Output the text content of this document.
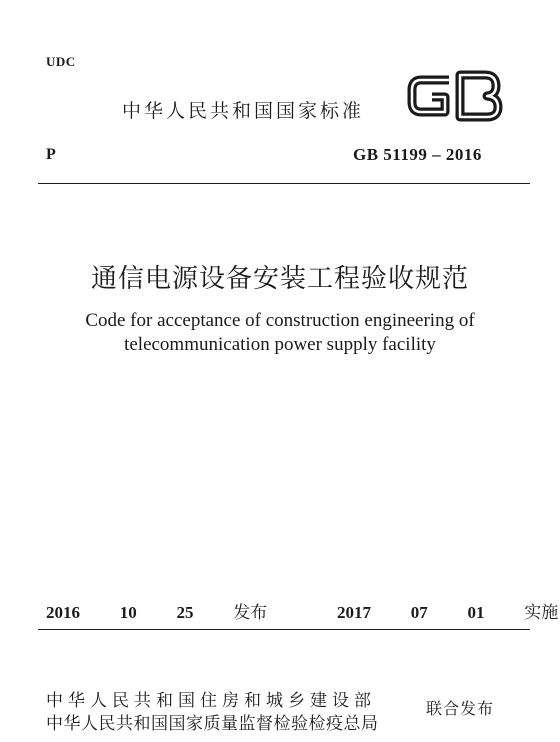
UDC
中华人民共和国国家标准
P	GB 51199 – 2016
通信电源设备安装工程验收规范
Code for acceptance of construction engineering of
telecommunication power supply facility
2016   10   25 发布	2017   07   01 实施
中华人民共和国住房和城乡建设部
中华人民共和国国家质量监督检验检疫总局
联合发布
